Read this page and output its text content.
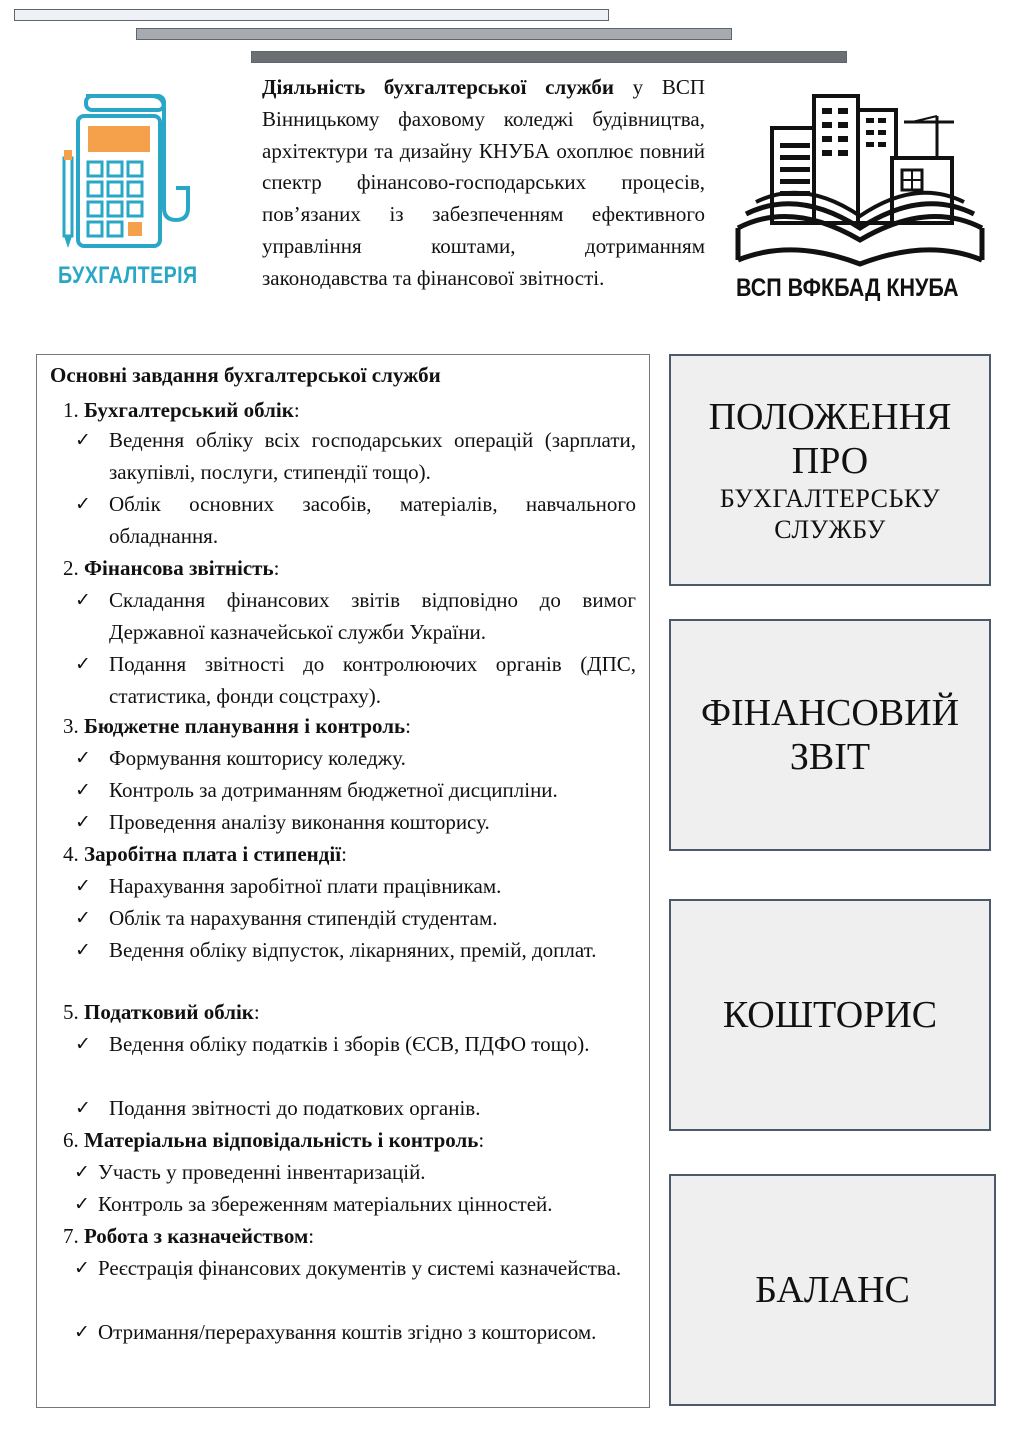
БУХГАЛТЕРІЯ

Діяльність бухгалтерської служби у ВСП Вінницькому фаховому коледжі будівництва, архітектури та дизайну КНУБА охоплює повний спектр фінансово-господарських процесів, пов’язаних із забезпеченням ефективного управління коштами, дотриманням законодавства та фінансової звітності.	ВСП ВФКБАД КНУБА
Основні завдання бухгалтерської служби
1. Бухгалтерський облік:
✓ Ведення обліку всіх господарських операцій (зарплати, закупівлі, послуги, стипендії тощо).
✓ Облік основних засобів, матеріалів, навчального обладнання.
2. Фінансова звітність:
✓ Складання фінансових звітів відповідно до вимог Державної казначейської служби України.
✓ Подання звітності до контролюючих органів (ДПС, статистика, фонди соцстраху).
3. Бюджетне планування і контроль:
✓ Формування кошторису коледжу.
✓ Контроль за дотриманням бюджетної дисципліни.
✓ Проведення аналізу виконання кошторису.
4. Заробітна плата і стипендії:
✓ Нарахування заробітної плати працівникам.
✓ Облік та нарахування стипендій студентам.
✓ Ведення обліку відпусток, лікарняних, премій, доплат.
5. Податковий облік:
✓ Ведення обліку податків і зборів (ЄСВ, ПДФО тощо).
✓ Подання звітності до податкових органів.
6. Матеріальна відповідальність і контроль:
✓ Участь у проведенні інвентаризацій.
✓ Контроль за збереженням матеріальних цінностей.
7. Робота з казначейством:
✓ Реєстрація фінансових документів у системі казначейства.
✓ Отримання/перерахування коштів згідно з кошторисом.
ПОЛОЖЕННЯ
ПРО
БУХГАЛТЕРСЬКУ
СЛУЖБУ
ФІНАНСОВИЙ
ЗВІТ
КОШТОРИС
БАЛАНС
